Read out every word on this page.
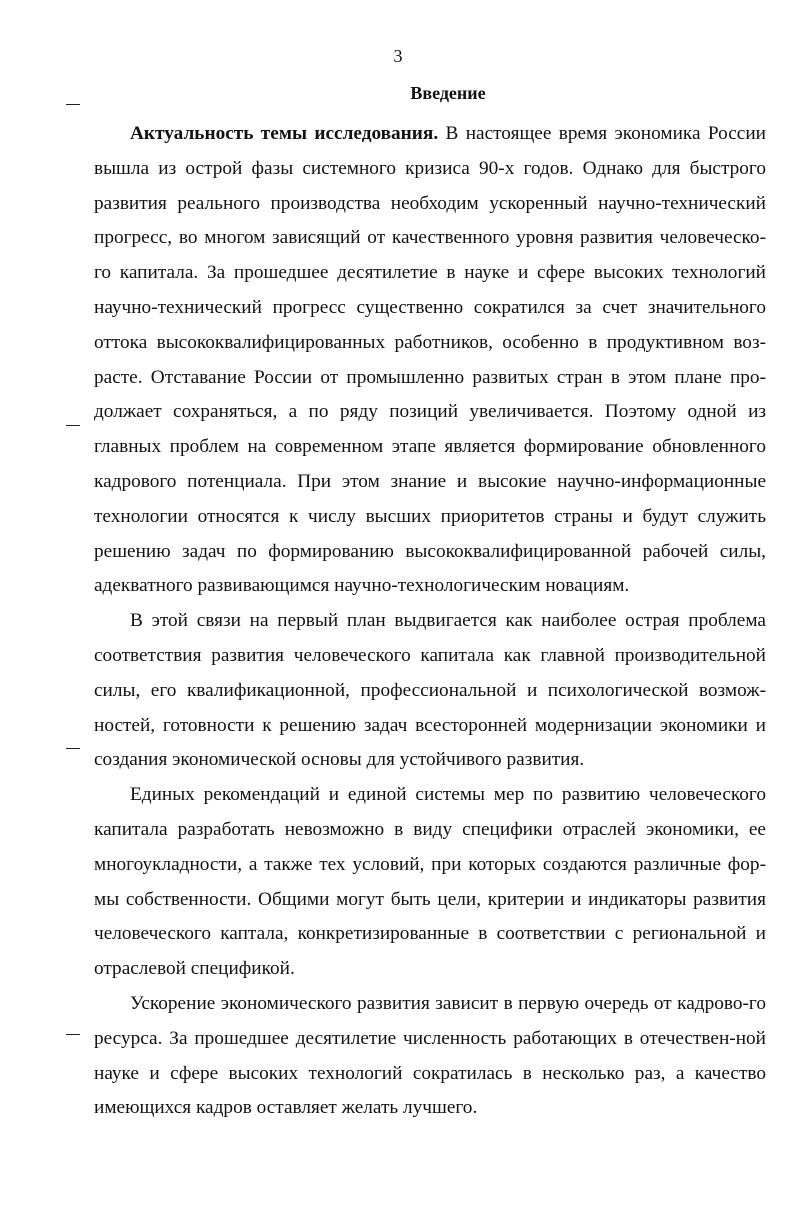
3
Введение

Актуальность темы исследования. В настоящее время экономика России вышла из острой фазы системного кризиса 90-х годов. Однако для быстрого развития реального производства необходим ускоренный научно-технический прогресс, во многом зависящий от качественного уровня развития человеческо-го капитала. За прошедшее десятилетие в науке и сфере высоких технологий научно-технический прогресс существенно сократился за счет значительного оттока высококвалифицированных работников, особенно в продуктивном воз-расте. Отставание России от промышленно развитых стран в этом плане про-должает сохраняться, а по ряду позиций увеличивается. Поэтому одной из главных проблем на современном этапе является формирование обновленного кадрового потенциала. При этом знание и высокие научно-информационные технологии относятся к числу высших приоритетов страны и будут служить решению задач по формированию высококвалифицированной рабочей силы, адекватного развивающимся научно-технологическим новациям.

В этой связи на первый план выдвигается как наиболее острая проблема соответствия развития человеческого капитала как главной производительной силы, его квалификационной, профессиональной и психологической возмож-ностей, готовности к решению задач всесторонней модернизации экономики и создания экономической основы для устойчивого развития.

Единых рекомендаций и единой системы мер по развитию человеческого капитала разработать невозможно в виду специфики отраслей экономики, ее многоукладности, а также тех условий, при которых создаются различные фор-мы собственности. Общими могут быть цели, критерии и индикаторы развития человеческого каптала, конкретизированные в соответствии с региональной и отраслевой спецификой.

Ускорение экономического развития зависит в первую очередь от кадрово-го ресурса. За прошедшее десятилетие численность работающих в отечествен-ной науке и сфере высоких технологий сократилась в несколько раз, а качество имеющихся кадров оставляет желать лучшего.
